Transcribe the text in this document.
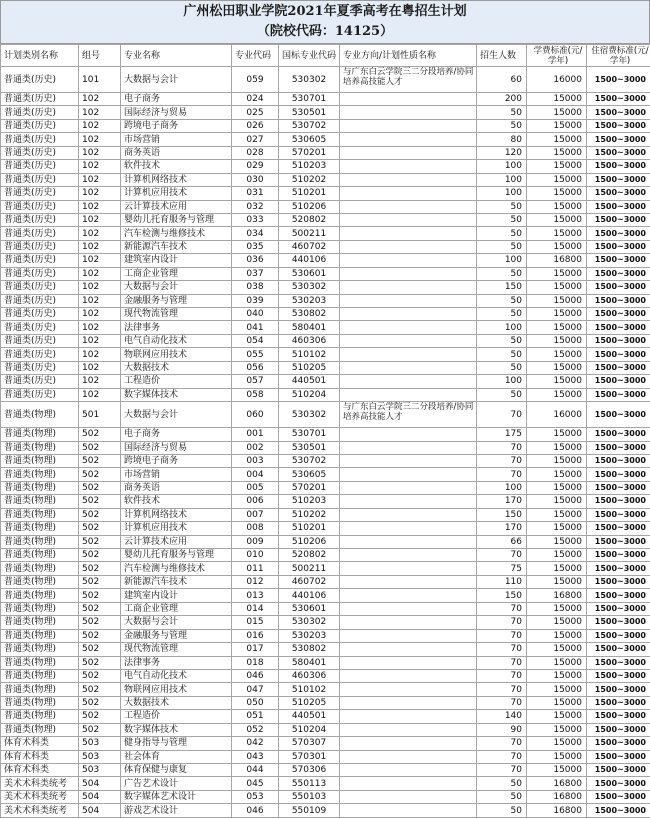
广州松田职业学院2021年夏季高考在粤招生计划
（院校代码：14125）
计划类别名称	组号	专业名称	专业代码	国标专业代码	专业方向/计划性质名称	招生人数	学费标准(元/学年)	住宿费标准(元/学年)
普通类(历史)	101	大数据与会计	059	530302	与广东白云学院三二分段培养/协同培养高技能人才	60	16000	1500~3000
普通类(历史)	102	电子商务	024	530701		200	15000	1500~3000
普通类(历史)	102	国际经济与贸易	025	530501		50	15000	1500~3000
普通类(历史)	102	跨境电子商务	026	530702		50	15000	1500~3000
普通类(历史)	102	市场营销	027	530605		80	15000	1500~3000
普通类(历史)	102	商务英语	028	570201		120	15000	1500~3000
普通类(历史)	102	软件技术	029	510203		100	15000	1500~3000
普通类(历史)	102	计算机网络技术	030	510202		100	15000	1500~3000
普通类(历史)	102	计算机应用技术	031	510201		100	15000	1500~3000
普通类(历史)	102	云计算技术应用	032	510206		50	15000	1500~3000
普通类(历史)	102	婴幼儿托育服务与管理	033	520802		50	15000	1500~3000
普通类(历史)	102	汽车检测与维修技术	034	500211		50	15000	1500~3000
普通类(历史)	102	新能源汽车技术	035	460702		50	15000	1500~3000
普通类(历史)	102	建筑室内设计	036	440106		100	16800	1500~3000
普通类(历史)	102	工商企业管理	037	530601		50	15000	1500~3000
普通类(历史)	102	大数据与会计	038	530302		150	15000	1500~3000
普通类(历史)	102	金融服务与管理	039	530203		50	15000	1500~3000
普通类(历史)	102	现代物流管理	040	530802		50	15000	1500~3000
普通类(历史)	102	法律事务	041	580401		100	15000	1500~3000
普通类(历史)	102	电气自动化技术	054	460306		50	15000	1500~3000
普通类(历史)	102	物联网应用技术	055	510102		50	15000	1500~3000
普通类(历史)	102	大数据技术	056	510205		50	15000	1500~3000
普通类(历史)	102	工程造价	057	440501		100	15000	1500~3000
普通类(历史)	102	数字媒体技术	058	510204		50	15000	1500~3000
普通类(物理)	501	大数据与会计	060	530302	与广东白云学院三二分段培养/协同培养高技能人才	70	16000	1500~3000
普通类(物理)	502	电子商务	001	530701		175	15000	1500~3000
普通类(物理)	502	国际经济与贸易	002	530501		70	15000	1500~3000
普通类(物理)	502	跨境电子商务	003	530702		70	15000	1500~3000
普通类(物理)	502	市场营销	004	530605		70	15000	1500~3000
普通类(物理)	502	商务英语	005	570201		100	15000	1500~3000
普通类(物理)	502	软件技术	006	510203		170	15000	1500~3000
普通类(物理)	502	计算机网络技术	007	510202		150	15000	1500~3000
普通类(物理)	502	计算机应用技术	008	510201		170	15000	1500~3000
普通类(物理)	502	云计算技术应用	009	510206		66	15000	1500~3000
普通类(物理)	502	婴幼儿托育服务与管理	010	520802		70	15000	1500~3000
普通类(物理)	502	汽车检测与维修技术	011	500211		75	15000	1500~3000
普通类(物理)	502	新能源汽车技术	012	460702		110	15000	1500~3000
普通类(物理)	502	建筑室内设计	013	440106		150	16800	1500~3000
普通类(物理)	502	工商企业管理	014	530601		70	15000	1500~3000
普通类(物理)	502	大数据与会计	015	530302		70	15000	1500~3000
普通类(物理)	502	金融服务与管理	016	530203		70	15000	1500~3000
普通类(物理)	502	现代物流管理	017	530802		70	15000	1500~3000
普通类(物理)	502	法律事务	018	580401		70	15000	1500~3000
普通类(物理)	502	电气自动化技术	046	460306		70	15000	1500~3000
普通类(物理)	502	物联网应用技术	047	510102		70	15000	1500~3000
普通类(物理)	502	大数据技术	050	510205		70	15000	1500~3000
普通类(物理)	502	工程造价	051	440501		140	15000	1500~3000
普通类(物理)	502	数字媒体技术	052	510204		90	15000	1500~3000
体育术科类	503	健身指导与管理	042	570307		70	15000	1500~3000
体育术科类	503	社会体育	043	570301		70	15000	1500~3000
体育术科类	503	体育保健与康复	044	570306		70	15000	1500~3000
美术术科类统考	504	广告艺术设计	045	550113		50	16800	1500~3000
美术术科类统考	504	数字媒体艺术设计	053	550103		50	16800	1500~3000
美术术科类统考	504	游戏艺术设计	046	550109		50	16800	1500~3000
